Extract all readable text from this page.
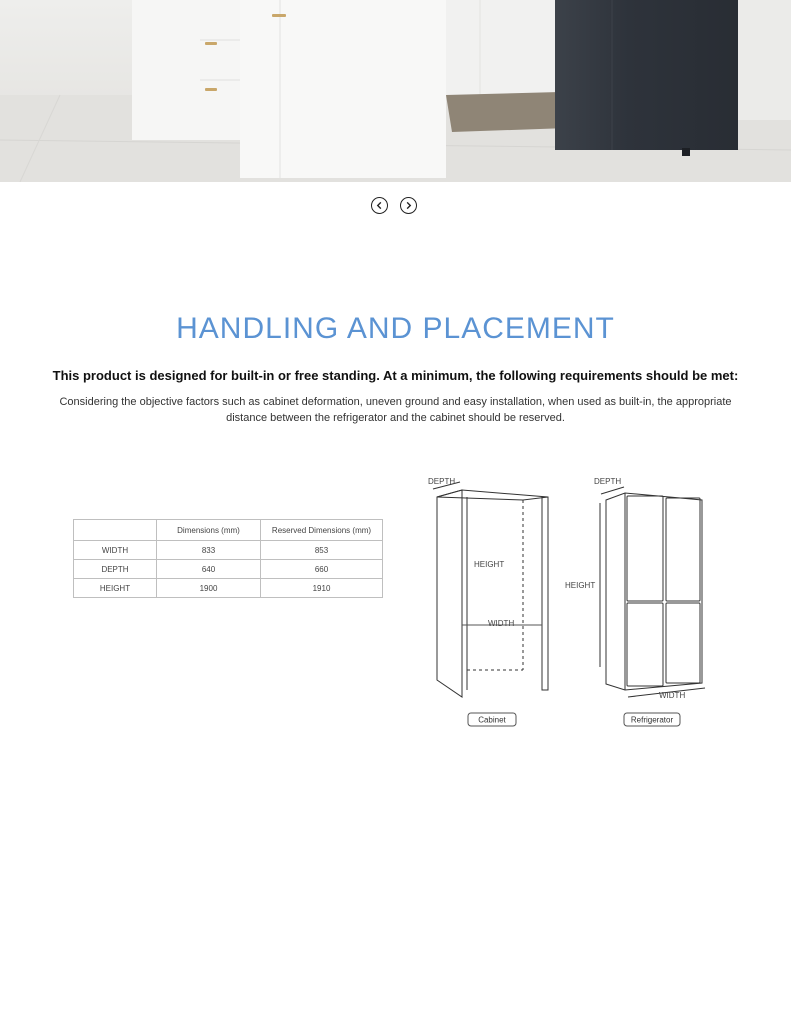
HANDLING AND PLACEMENT

This product is designed for built-in or free standing. At a minimum, the following requirements should be met:

Considering the objective factors such as cabinet deformation, uneven ground and easy installation, when used as built-in, the appropriate distance between the refrigerator and the cabinet should be reserved.

	Dimensions (mm)	Reserved Dimensions (mm)
WIDTH	833	853
DEPTH	640	660
HEIGHT	1900	1910
DEPTH
HEIGHT
WIDTH
DEPTH
HEIGHT
WIDTH
Cabinet	Refrigerator
